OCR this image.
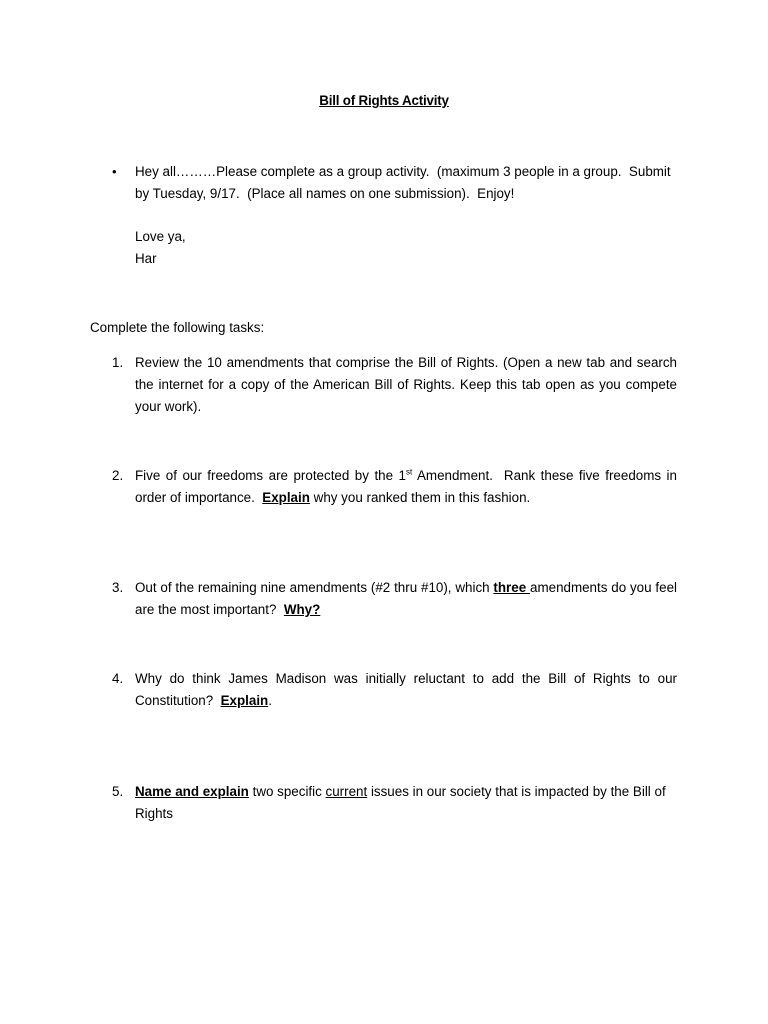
Bill of Rights Activity
• Hey all………Please complete as a group activity.  (maximum 3 people in a group.  Submit
by Tuesday, 9/17.  (Place all names on one submission).  Enjoy!
Love ya,
Har
Complete the following tasks:
1. Review the 10 amendments that comprise the Bill of Rights. (Open a new tab and search the internet for a copy of the American Bill of Rights. Keep this tab open as you compete your work).
2. Five of our freedoms are protected by the 1st Amendment.  Rank these five freedoms in order of importance.  Explain why you ranked them in this fashion.
3. Out of the remaining nine amendments (#2 thru #10), which three amendments do you feel are the most important?  Why?
4. Why do think James Madison was initially reluctant to add the Bill of Rights to our Constitution?  Explain.
5. Name and explain two specific current issues in our society that is impacted by the Bill of Rights
